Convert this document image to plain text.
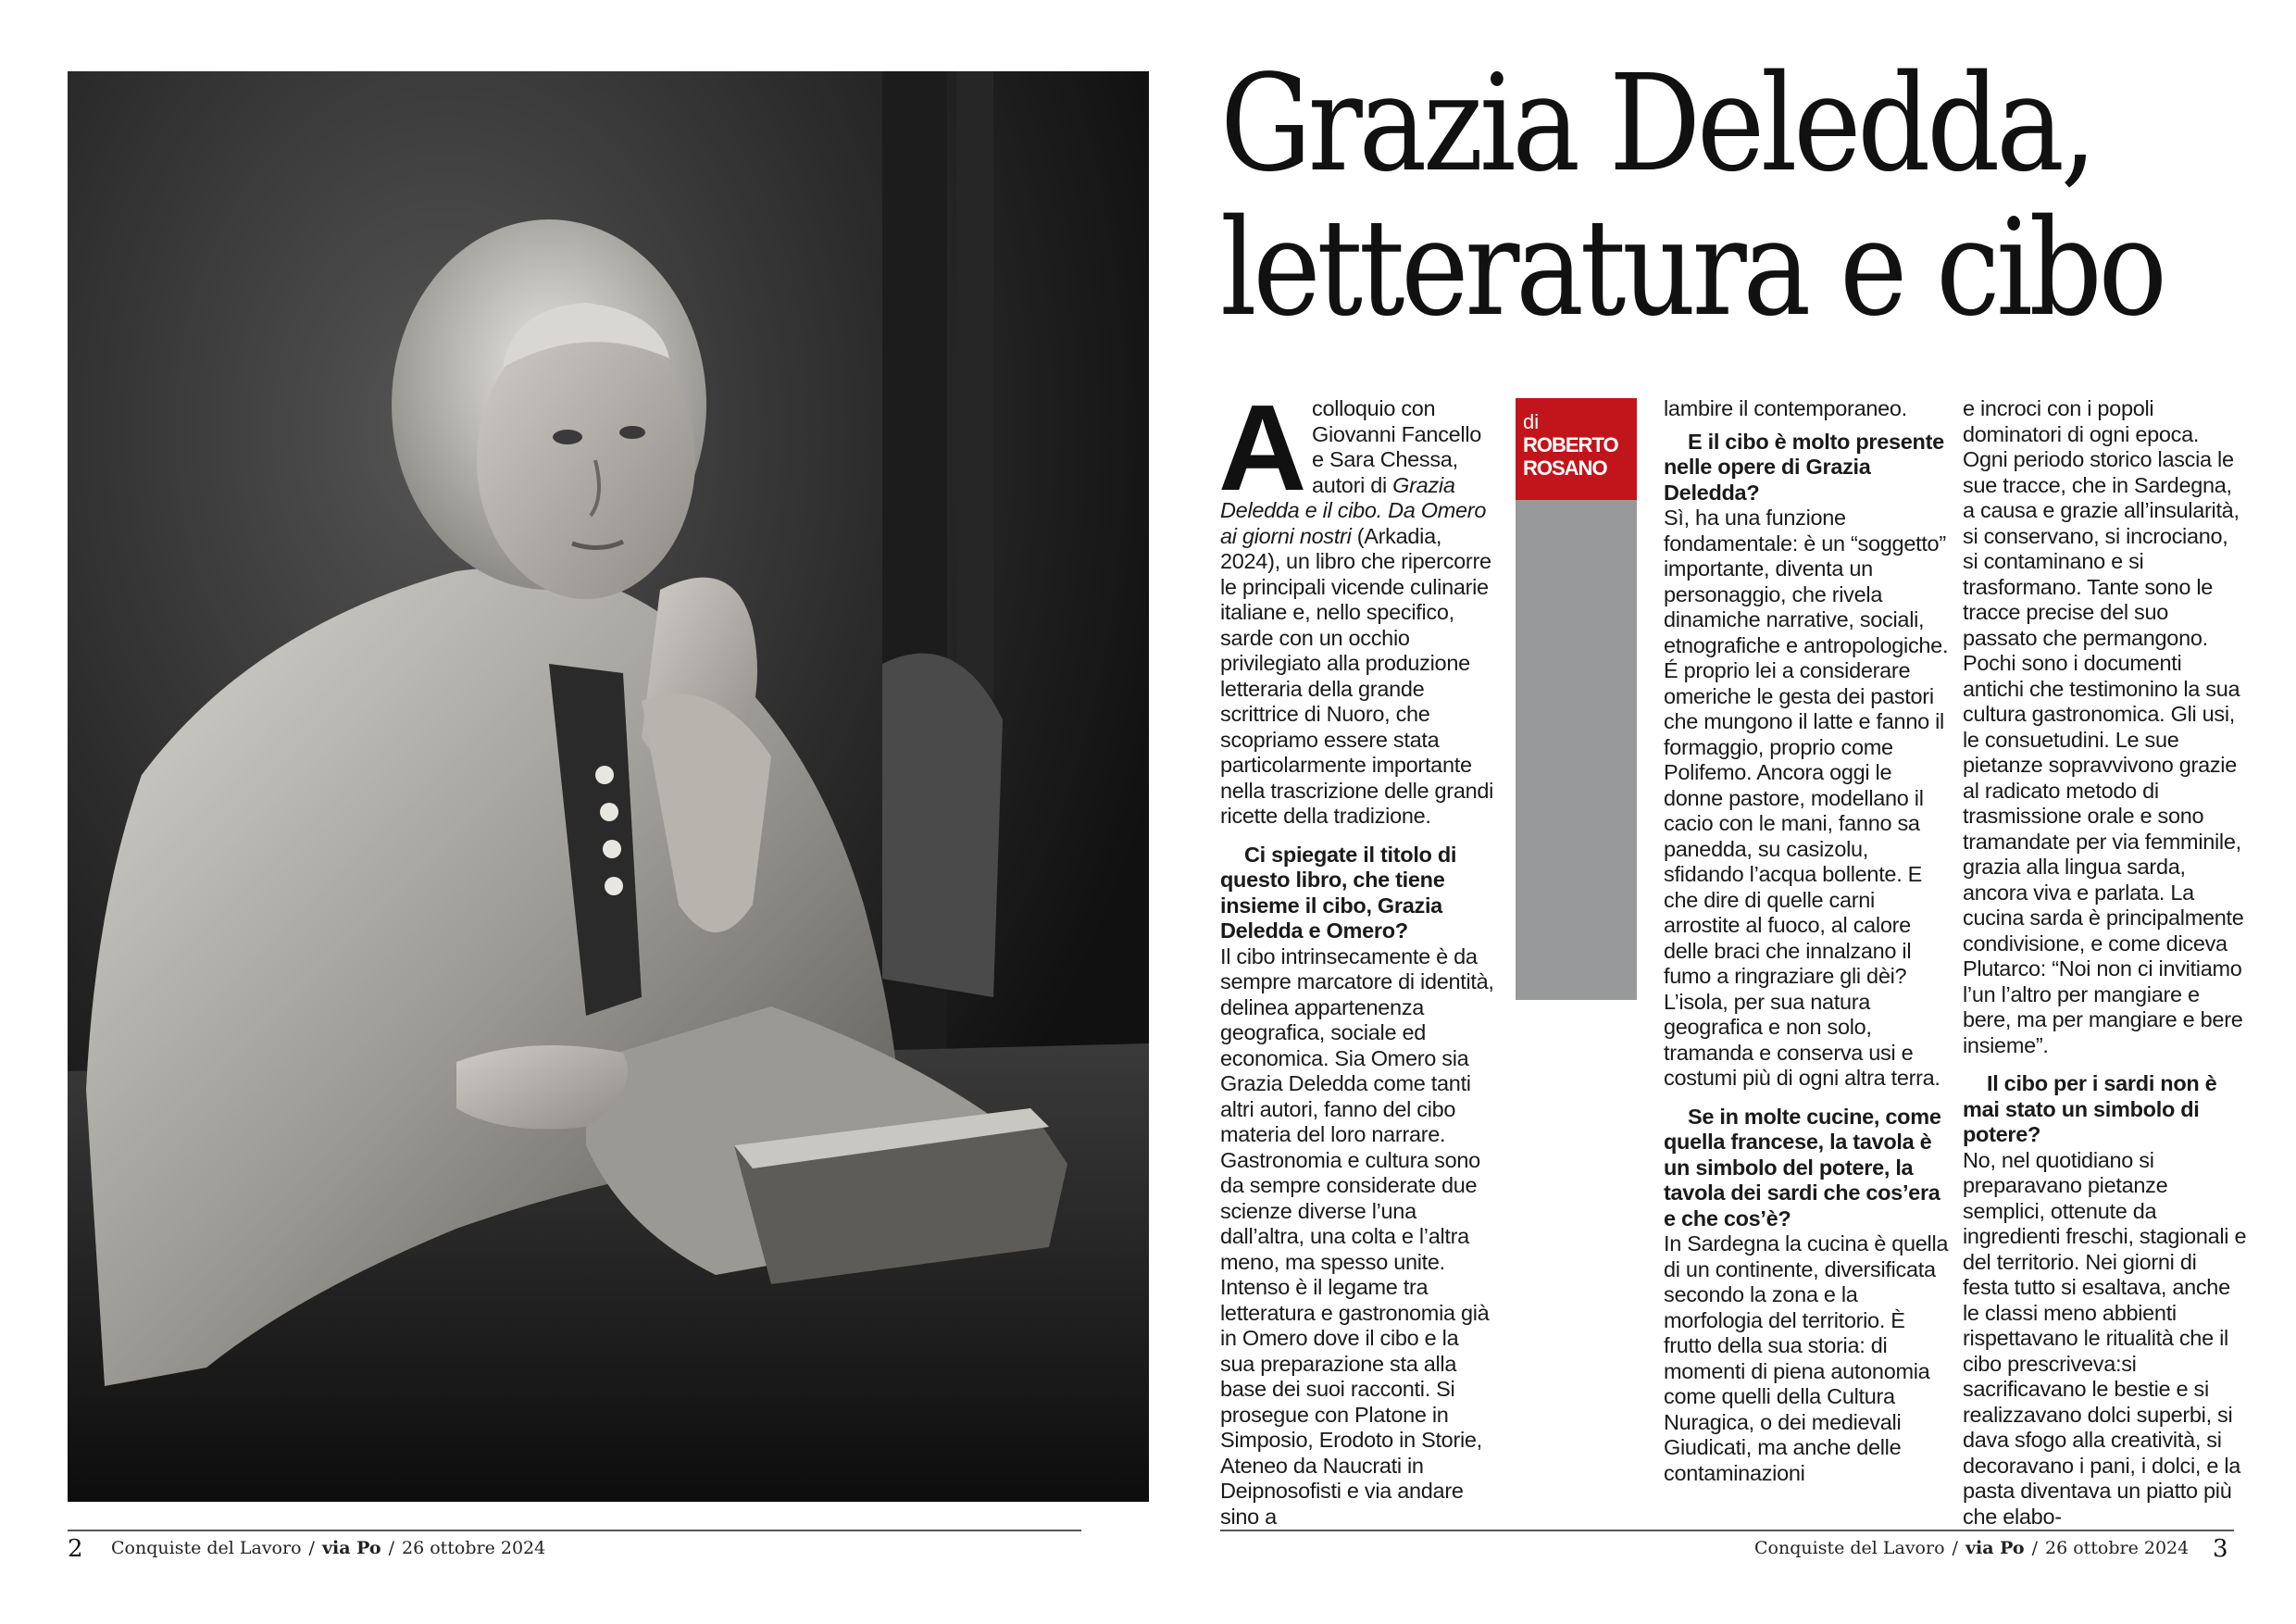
Grazia Deledda,
letteratura e cibo
di
ROBERTO
ROSANO

Acolloquio con Giovanni Fancello e Sara Chessa, autori di Grazia Deledda e il cibo. Da Omero ai giorni nostri (Arkadia, 2024), un libro che ripercorre le principali vicende culinarie italiane e, nello specifico, sarde con un occhio privilegiato alla produzione letteraria della grande scrittrice di Nuoro, che scopriamo essere stata particolarmente importante nella trascrizione delle grandi ricette della tradizione.

Ci spiegate il titolo di questo libro, che tiene insieme il cibo, Grazia Deledda e Omero?

Il cibo intrinsecamente è da sempre marcatore di identità, delinea appartenenza geografica, sociale ed economica. Sia Omero sia Grazia Deledda come tanti altri autori, fanno del cibo materia del loro narrare. Gastronomia e cultura sono da sempre considerate due scienze diverse l’una dall’altra, una colta e l’altra meno, ma spesso unite. Intenso è il legame tra letteratura e gastronomia già in Omero dove il cibo e la sua preparazione sta alla base dei suoi racconti. Si prosegue con Platone in Simposio, Erodoto in Storie, Ateneo da Naucrati in Deipnosofisti e via andare sino a

lambire il contemporaneo.

E il cibo è molto presente nelle opere di Grazia Deledda?

Sì, ha una funzione fondamentale: è un “soggetto” importante, diventa un personaggio, che rivela dinamiche narrative, sociali, etnografiche e antropologiche. É proprio lei a considerare omeriche le gesta dei pastori che mungono il latte e fanno il formaggio, proprio come Polifemo. Ancora oggi le donne pastore, modellano il cacio con le mani, fanno sa panedda, su casizolu, sfidando l’acqua bollente. E che dire di quelle carni arrostite al fuoco, al calore delle braci che innalzano il fumo a ringraziare gli dèi? L’isola, per sua natura geografica e non solo, tramanda e conserva usi e costumi più di ogni altra terra.

Se in molte cucine, come quella francese, la tavola è un simbolo del potere, la tavola dei sardi che cos’era e che cos’è?

In Sardegna la cucina è quella di un continente, diversificata secondo la zona e la morfologia del territorio. È frutto della sua storia: di momenti di piena autonomia come quelli della Cultura Nuragica, o dei medievali Giudicati, ma anche delle contaminazioni

e incroci con i popoli dominatori di ogni epoca. Ogni periodo storico lascia le sue tracce, che in Sardegna, a causa e grazie all’insularità, si conservano, si incrociano, si contaminano e si trasformano. Tante sono le tracce precise del suo passato che permangono. Pochi sono i documenti antichi che testimonino la sua cultura gastronomica. Gli usi, le consuetudini. Le sue pietanze sopravvivono grazie al radicato metodo di trasmissione orale e sono tramandate per via femminile, grazia alla lingua sarda, ancora viva e parlata. La cucina sarda è principalmente condivisione, e come diceva Plutarco: “Noi non ci invitiamo l’un l’altro per mangiare e bere, ma per mangiare e bere insieme”.

Il cibo per i sardi non è mai stato un simbolo di potere?

No, nel quotidiano si preparavano pietanze semplici, ottenute da ingredienti freschi, stagionali e del territorio. Nei giorni di festa tutto si esaltava, anche le classi meno abbienti rispettavano le ritualità che il cibo prescriveva:si sacrificavano le bestie e si realizzavano dolci superbi, si dava sfogo alla creatività, si decoravano i pani, i dolci, e la pasta diventava un piatto più che elabo-

2 Conquiste del Lavoro / via Po / 26 ottobre 2024	Conquiste del Lavoro / via Po / 26 ottobre 2024 3
